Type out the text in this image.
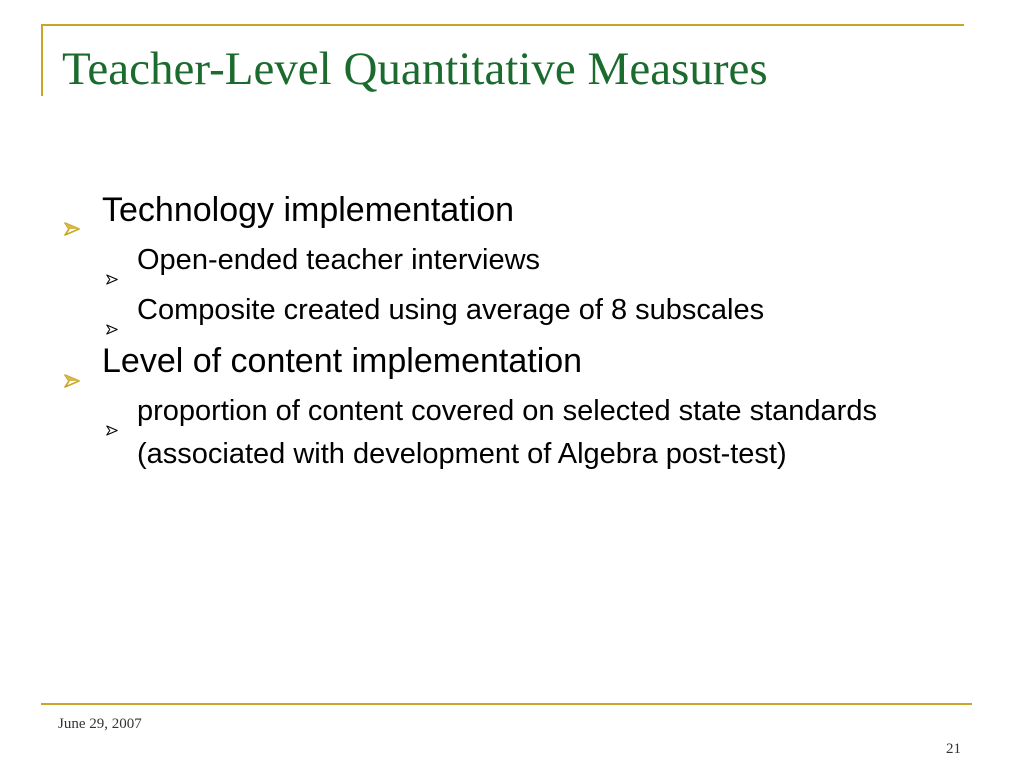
Teacher-Level Quantitative Measures
Technology implementation
Open-ended teacher interviews
Composite created using average of 8 subscales
Level of content implementation
proportion of content covered on selected state standards (associated with development of Algebra post-test)
June 29, 2007
21
